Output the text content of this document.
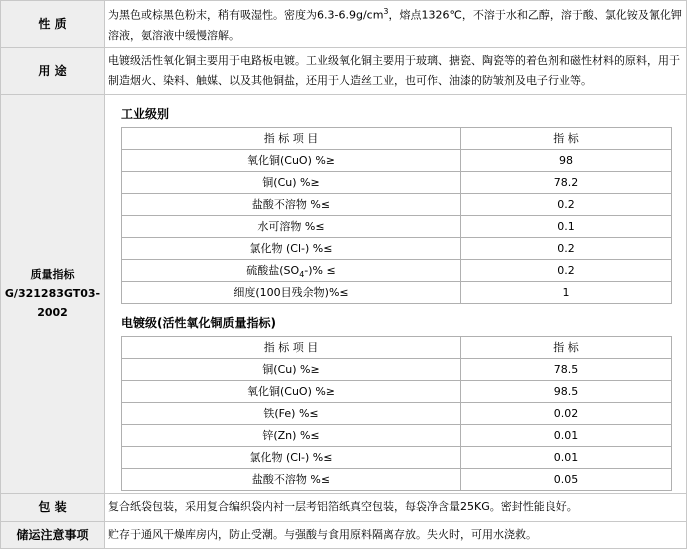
性 质	为黑色或棕黑色粉末，稍有吸湿性。密度为$6.3-6.9g/cm^3$，熔点1326℃，不溶于水和乙醇，溶于酸、氯化铵及氰化钾溶液，氨溶液中缓慢溶解。
用 途	电镀级活性氧化铜主要用于电路板电镀。工业级氧化铜主要用于玻璃、搪瓷、陶瓷等的着色剂和磁性材料的原料，用于制造烟火、染料、触媒、以及其他铜盐，还用于人造丝工业，也可作、油漆的防皱剂及电子行业等。

质量指标
G/321283GT03-
2002

工业级别
指 标 项 目	指 标
氧化铜(CuO) %≥	98
铜(Cu) %≥	78.2
盐酸不溶物 %≤	0.2
水可溶物 %≤	0.1
氯化物 (Cl-) %≤	0.2
硫酸盐$(SO_4-)\%$ ≤	0.2
细度(100目残余物)%≤	1
电镀级(活性氧化铜质量指标)
指 标 项 目	指 标
铜(Cu) %≥	78.5
氧化铜(CuO) %≥	98.5
铁(Fe) %≤	0.02
锌(Zn) %≤	0.01
氯化物 (Cl-) %≤	0.01
盐酸不溶物 %≤	0.05

包 装	复合纸袋包装，采用复合编织袋内衬一层考铝箔纸真空包装，每袋净含量25KG。密封性能良好。
储运注意事项	贮存于通风干燥库房内，防止受潮。与强酸与食用原料隔离存放。失火时，可用水浇救。
